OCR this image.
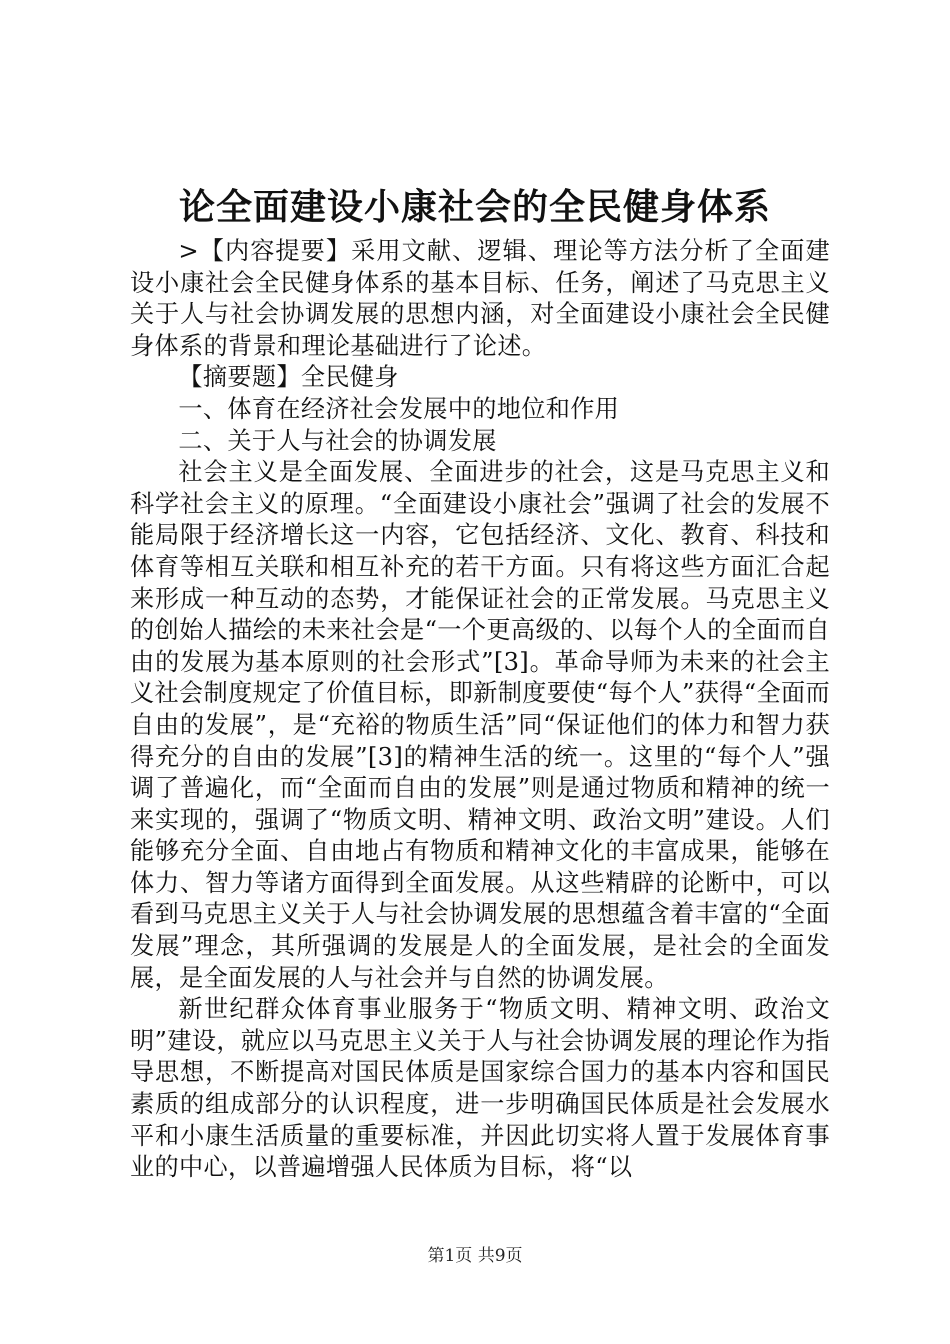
论全面建设小康社会的全民健身体系

>【内容提要】采用文献、逻辑、理论等方法分析了全面建设小康社会全民健身体系的基本目标、任务，阐述了马克思主义关于人与社会协调发展的思想内涵，对全面建设小康社会全民健身体系的背景和理论基础进行了论述。

【摘要题】全民健身

一、体育在经济社会发展中的地位和作用

二、关于人与社会的协调发展

社会主义是全面发展、全面进步的社会，这是马克思主义和科学社会主义的原理。“全面建设小康社会”强调了社会的发展不能局限于经济增长这一内容，它包括经济、文化、教育、科技和体育等相互关联和相互补充的若干方面。只有将这些方面汇合起来形成一种互动的态势，才能保证社会的正常发展。马克思主义的创始人描绘的未来社会是“一个更高级的、以每个人的全面而自由的发展为基本原则的社会形式”[3]。革命导师为未来的社会主义社会制度规定了价值目标，即新制度要使“每个人”获得“全面而自由的发展”，是“充裕的物质生活”同“保证他们的体力和智力获得充分的自由的发展”[3]的精神生活的统一。这里的“每个人”强调了普遍化，而“全面而自由的发展”则是通过物质和精神的统一来实现的，强调了“物质文明、精神文明、政治文明”建设。人们能够充分全面、自由地占有物质和精神文化的丰富成果，能够在体力、智力等诸方面得到全面发展。从这些精辟的论断中，可以看到马克思主义关于人与社会协调发展的思想蕴含着丰富的“全面发展”理念，其所强调的发展是人的全面发展，是社会的全面发展，是全面发展的人与社会并与自然的协调发展。

新世纪群众体育事业服务于“物质文明、精神文明、政治文明”建设，就应以马克思主义关于人与社会协调发展的理论作为指导思想，不断提高对国民体质是国家综合国力的基本内容和国民素质的组成部分的认识程度，进一步明确国民体质是社会发展水平和小康生活质量的重要标准，并因此切实将人置于发展体育事业的中心，以普遍增强人民体质为目标，将“以

第1页 共9页
